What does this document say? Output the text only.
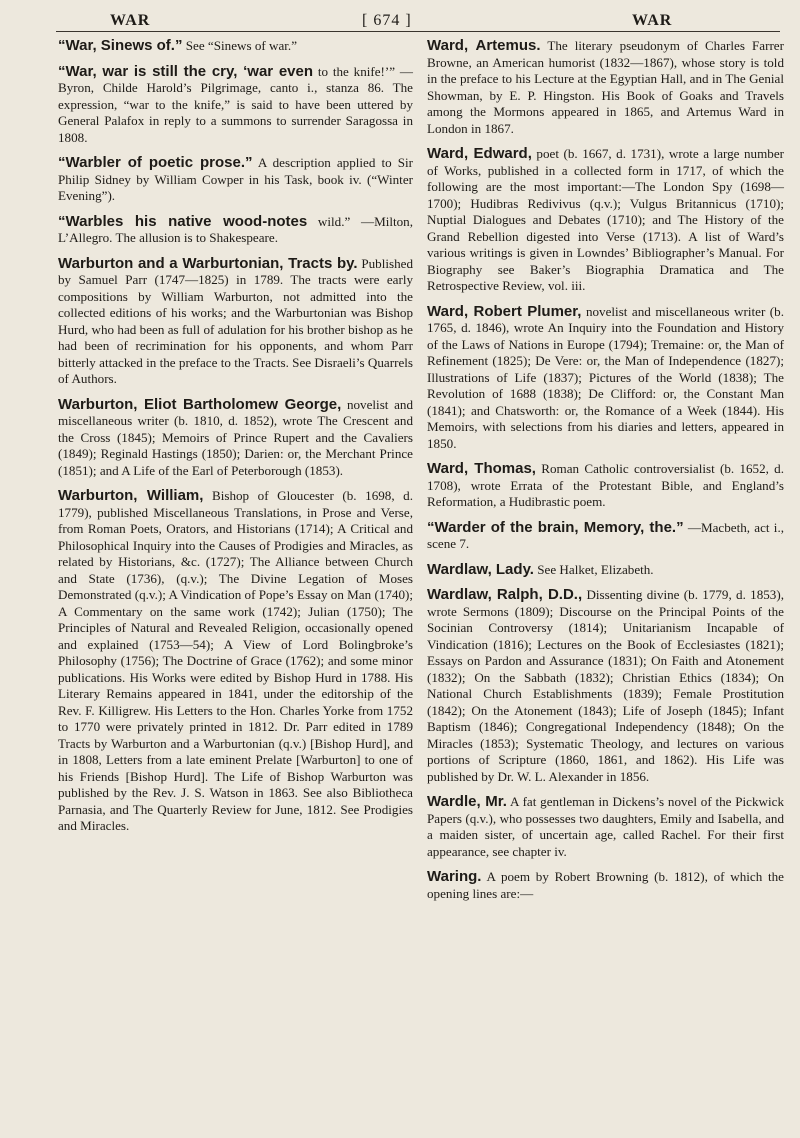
WAR	[ 674 ]	WAR

“War, Sinews of.” See “Sinews of war.”

“War, war is still the cry, ‘war even to the knife!’” —Byron, Childe Harold’s Pilgrimage, canto i., stanza 86. The expression, “war to the knife,” is said to have been uttered by General Palafox in reply to a summons to surrender Saragossa in 1808.

“Warbler of poetic prose.” A description applied to Sir Philip Sidney by William Cowper in his Task, book iv. (“Winter Evening”).

“Warbles his native wood-notes wild.” —Milton, L’Allegro. The allusion is to Shakespeare.

Warburton and a Warburtonian, Tracts by. Published by Samuel Parr (1747—1825) in 1789. The tracts were early compositions by William Warburton, not admitted into the collected editions of his works; and the Warburtonian was Bishop Hurd, who had been as full of adulation for his brother bishop as he had been of recrimination for his opponents, and whom Parr bitterly attacked in the preface to the Tracts. See Disraeli’s Quarrels of Authors.

Warburton, Eliot Bartholomew George, novelist and miscellaneous writer (b. 1810, d. 1852), wrote The Crescent and the Cross (1845); Memoirs of Prince Rupert and the Cavaliers (1849); Reginald Hastings (1850); Darien: or, the Merchant Prince (1851); and A Life of the Earl of Peterborough (1853).

Warburton, William, Bishop of Gloucester (b. 1698, d. 1779), published Miscellaneous Translations, in Prose and Verse, from Roman Poets, Orators, and Historians (1714); A Critical and Philosophical Inquiry into the Causes of Prodigies and Miracles, as related by Historians, &c. (1727); The Alliance between Church and State (1736), (q.v.); The Divine Legation of Moses Demonstrated (q.v.); A Vindication of Pope’s Essay on Man (1740); A Commentary on the same work (1742); Julian (1750); The Principles of Natural and Revealed Religion, occasionally opened and explained (1753—54); A View of Lord Bolingbroke’s Philosophy (1756); The Doctrine of Grace (1762); and some minor publications. His Works were edited by Bishop Hurd in 1788. His Literary Remains appeared in 1841, under the editorship of the Rev. F. Killigrew. His Letters to the Hon. Charles Yorke from 1752 to 1770 were privately printed in 1812. Dr. Parr edited in 1789 Tracts by Warburton and a Warburtonian (q.v.) [Bishop Hurd], and in 1808, Letters from a late eminent Prelate [Warburton] to one of his Friends [Bishop Hurd]. The Life of Bishop Warburton was published by the Rev. J. S. Watson in 1863. See also Bibliotheca Parnasia, and The Quarterly Review for June, 1812. See Prodigies and Miracles.

Ward, Artemus. The literary pseudonym of Charles Farrer Browne, an American humorist (1832—1867), whose story is told in the preface to his Lecture at the Egyptian Hall, and in The Genial Showman, by E. P. Hingston. His Book of Goaks and Travels among the Mormons appeared in 1865, and Artemus Ward in London in 1867.

Ward, Edward, poet (b. 1667, d. 1731), wrote a large number of Works, published in a collected form in 1717, of which the following are the most important:—The London Spy (1698—1700); Hudibras Redivivus (q.v.); Vulgus Britannicus (1710); Nuptial Dialogues and Debates (1710); and The History of the Grand Rebellion digested into Verse (1713). A list of Ward’s various writings is given in Lowndes’ Bibliographer’s Manual. For Biography see Baker’s Biographia Dramatica and The Retrospective Review, vol. iii.

Ward, Robert Plumer, novelist and miscellaneous writer (b. 1765, d. 1846), wrote An Inquiry into the Foundation and History of the Laws of Nations in Europe (1794); Tremaine: or, the Man of Refinement (1825); De Vere: or, the Man of Independence (1827); Illustrations of Life (1837); Pictures of the World (1838); The Revolution of 1688 (1838); De Clifford: or, the Constant Man (1841); and Chatsworth: or, the Romance of a Week (1844). His Memoirs, with selections from his diaries and letters, appeared in 1850.

Ward, Thomas, Roman Catholic controversialist (b. 1652, d. 1708), wrote Errata of the Protestant Bible, and England’s Reformation, a Hudibrastic poem.

“Warder of the brain, Memory, the.” —Macbeth, act i., scene 7.

Wardlaw, Lady. See Halket, Elizabeth.

Wardlaw, Ralph, D.D., Dissenting divine (b. 1779, d. 1853), wrote Sermons (1809); Discourse on the Principal Points of the Socinian Controversy (1814); Unitarianism Incapable of Vindication (1816); Lectures on the Book of Ecclesiastes (1821); Essays on Pardon and Assurance (1831); On Faith and Atonement (1832); On the Sabbath (1832); Christian Ethics (1834); On National Church Establishments (1839); Female Prostitution (1842); On the Atonement (1843); Life of Joseph (1845); Infant Baptism (1846); Congregational Independency (1848); On the Miracles (1853); Systematic Theology, and lectures on various portions of Scripture (1860, 1861, and 1862). His Life was published by Dr. W. L. Alexander in 1856.

Wardle, Mr. A fat gentleman in Dickens’s novel of the Pickwick Papers (q.v.), who possesses two daughters, Emily and Isabella, and a maiden sister, of uncertain age, called Rachel. For their first appearance, see chapter iv.

Waring. A poem by Robert Browning (b. 1812), of which the opening lines are:—
